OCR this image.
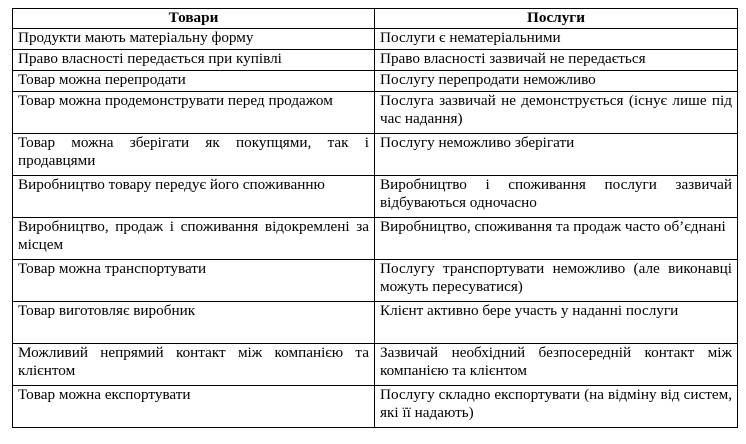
Товари	Послуги
Продукти мають матеріальну форму	Послуги є нематеріальними
Право власності передається при купівлі	Право власності зазвичай не передається
Товар можна перепродати	Послугу перепродати неможливо
Товар можна продемонструвати перед продажом	Послуга зазвичай не демонструється (існує лише під час надання)
Товар можна зберігати як покупцями, так і продавцями	Послугу неможливо зберігати
Виробництво товару передує його споживанню	Виробництво і споживання послуги зазвичай відбуваються одночасно
Виробництво, продаж і споживання відокремлені за місцем	Виробництво, споживання та продаж часто об’єднані
Товар можна транспортувати	Послугу транспортувати неможливо (але виконавці можуть пересуватися)
Товар виготовляє виробник	Клієнт активно бере участь у наданні послуги
Можливий непрямий контакт між компанією та клієнтом	Зазвичай необхідний безпосередній контакт між компанією та клієнтом
Товар можна експортувати	Послугу складно експортувати (на відміну від систем, які її надають)
